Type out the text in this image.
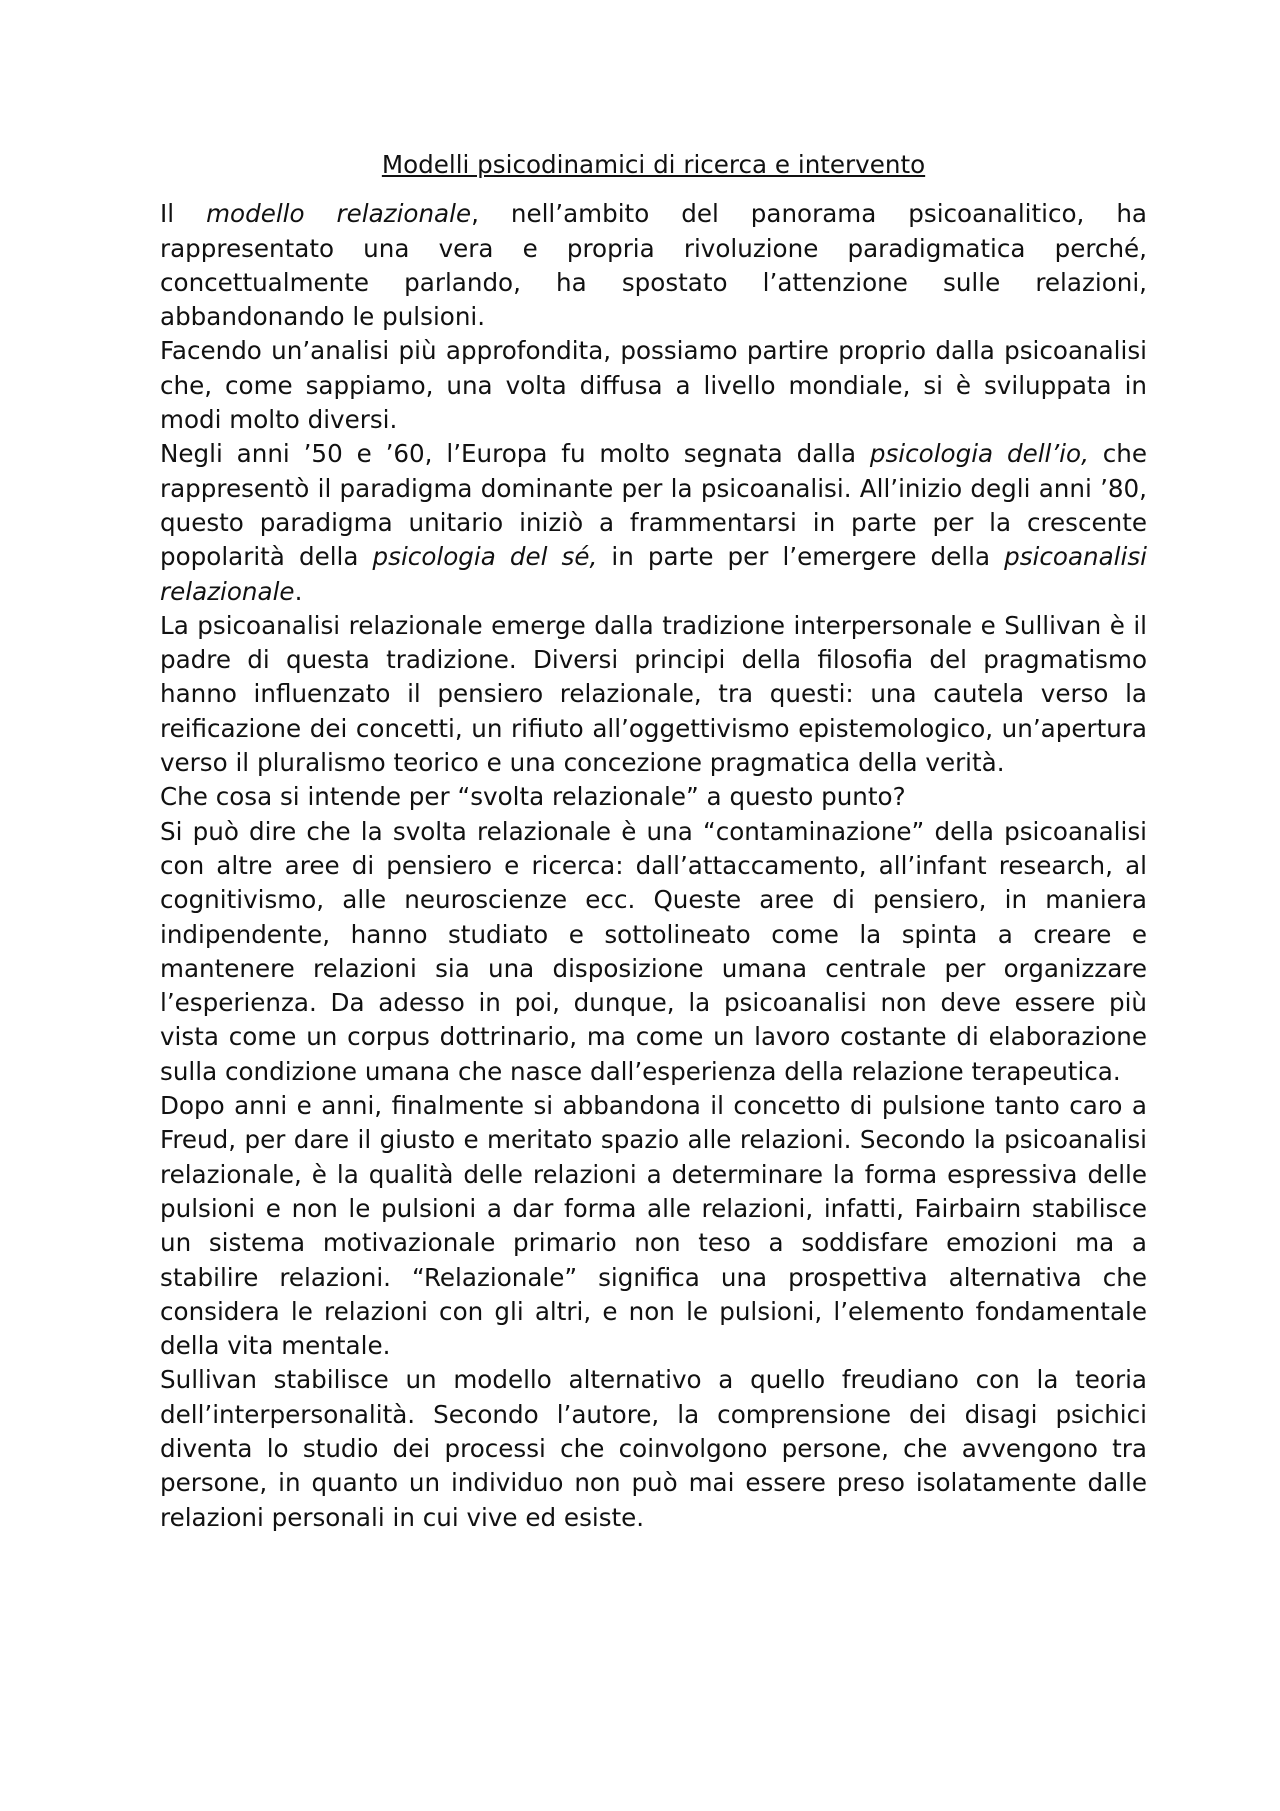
Modelli psicodinamici di ricerca e intervento

Il modello relazionale, nell’ambito del panorama psicoanalitico, ha rappresentato una vera e propria rivoluzione paradigmatica perché, concettualmente parlando, ha spostato l’attenzione sulle relazioni, abbandonando le pulsioni.

Facendo un’analisi più approfondita, possiamo partire proprio dalla psicoanalisi che, come sappiamo, una volta diffusa a livello mondiale, si è sviluppata in modi molto diversi.

Negli anni ’50 e ’60, l’Europa fu molto segnata dalla psicologia dell’io, che rappresentò il paradigma dominante per la psicoanalisi. All’inizio degli anni ’80, questo paradigma unitario iniziò a frammentarsi in parte per la crescente popolarità della psicologia del sé, in parte per l’emergere della psicoanalisi relazionale.

La psicoanalisi relazionale emerge dalla tradizione interpersonale e Sullivan è il padre di questa tradizione. Diversi principi della filosofia del pragmatismo hanno influenzato il pensiero relazionale, tra questi: una cautela verso la reificazione dei concetti, un rifiuto all’oggettivismo epistemologico, un’apertura verso il pluralismo teorico e una concezione pragmatica della verità.

Che cosa si intende per “svolta relazionale” a questo punto?

Si può dire che la svolta relazionale è una “contaminazione” della psicoanalisi con altre aree di pensiero e ricerca: dall’attaccamento, all’infant research, al cognitivismo, alle neuroscienze ecc. Queste aree di pensiero, in maniera indipendente, hanno studiato e sottolineato come la spinta a creare e mantenere relazioni sia una disposizione umana centrale per organizzare l’esperienza. Da adesso in poi, dunque, la psicoanalisi non deve essere più vista come un corpus dottrinario, ma come un lavoro costante di elaborazione sulla condizione umana che nasce dall’esperienza della relazione terapeutica.

Dopo anni e anni, finalmente si abbandona il concetto di pulsione tanto caro a Freud, per dare il giusto e meritato spazio alle relazioni. Secondo la psicoanalisi relazionale, è la qualità delle relazioni a determinare la forma espressiva delle pulsioni e non le pulsioni a dar forma alle relazioni, infatti, Fairbairn stabilisce un sistema motivazionale primario non teso a soddisfare emozioni ma a stabilire relazioni. “Relazionale” significa una prospettiva alternativa che considera le relazioni con gli altri, e non le pulsioni, l’elemento fondamentale della vita mentale.

Sullivan stabilisce un modello alternativo a quello freudiano con la teoria dell’interpersonalità. Secondo l’autore, la comprensione dei disagi psichici diventa lo studio dei processi che coinvolgono persone, che avvengono tra persone, in quanto un individuo non può mai essere preso isolatamente dalle relazioni personali in cui vive ed esiste.
